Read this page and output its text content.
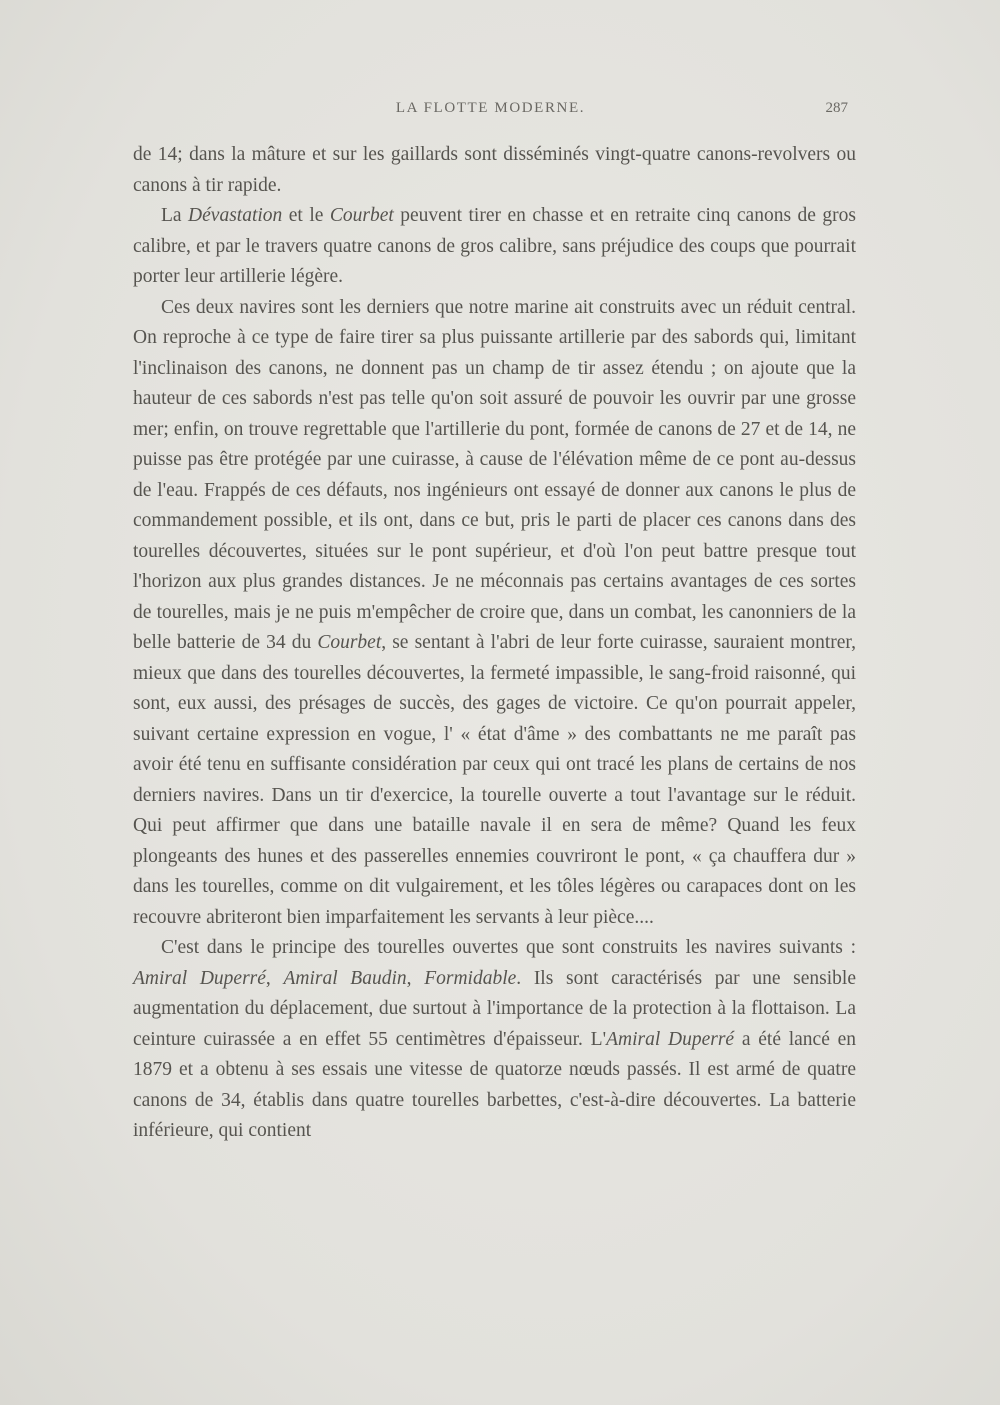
LA FLOTTE MODERNE.	287

de 14; dans la mâture et sur les gaillards sont disséminés vingt-quatre canons-revolvers ou canons à tir rapide.

La Dévastation et le Courbet peuvent tirer en chasse et en retraite cinq canons de gros calibre, et par le travers quatre canons de gros calibre, sans préjudice des coups que pourrait porter leur artillerie légère.

Ces deux navires sont les derniers que notre marine ait construits avec un réduit central. On reproche à ce type de faire tirer sa plus puissante artillerie par des sabords qui, limitant l'inclinaison des canons, ne donnent pas un champ de tir assez étendu ; on ajoute que la hauteur de ces sabords n'est pas telle qu'on soit assuré de pouvoir les ouvrir par une grosse mer; enfin, on trouve regrettable que l'artillerie du pont, formée de canons de 27 et de 14, ne puisse pas être protégée par une cuirasse, à cause de l'élévation même de ce pont au-dessus de l'eau. Frappés de ces défauts, nos ingénieurs ont essayé de donner aux canons le plus de commandement possible, et ils ont, dans ce but, pris le parti de placer ces canons dans des tourelles découvertes, situées sur le pont supérieur, et d'où l'on peut battre presque tout l'horizon aux plus grandes distances. Je ne méconnais pas certains avantages de ces sortes de tourelles, mais je ne puis m'empêcher de croire que, dans un combat, les canonniers de la belle batterie de 34 du Courbet, se sentant à l'abri de leur forte cuirasse, sauraient montrer, mieux que dans des tourelles découvertes, la fermeté impassible, le sang-froid raisonné, qui sont, eux aussi, des présages de succès, des gages de victoire. Ce qu'on pourrait appeler, suivant certaine expression en vogue, l' « état d'âme » des combattants ne me paraît pas avoir été tenu en suffisante considération par ceux qui ont tracé les plans de certains de nos derniers navires. Dans un tir d'exercice, la tourelle ouverte a tout l'avantage sur le réduit. Qui peut affirmer que dans une bataille navale il en sera de même? Quand les feux plongeants des hunes et des passerelles ennemies couvriront le pont, « ça chauffera dur » dans les tourelles, comme on dit vulgairement, et les tôles légères ou carapaces dont on les recouvre abriteront bien imparfaitement les servants à leur pièce....

C'est dans le principe des tourelles ouvertes que sont construits les navires suivants : Amiral Duperré, Amiral Baudin, Formidable. Ils sont caractérisés par une sensible augmentation du déplacement, due surtout à l'importance de la protection à la flottaison. La ceinture cuirassée a en effet 55 centimètres d'épaisseur. L'Amiral Duperré a été lancé en 1879 et a obtenu à ses essais une vitesse de quatorze nœuds passés. Il est armé de quatre canons de 34, établis dans quatre tourelles barbettes, c'est-à-dire découvertes. La batterie inférieure, qui contient
